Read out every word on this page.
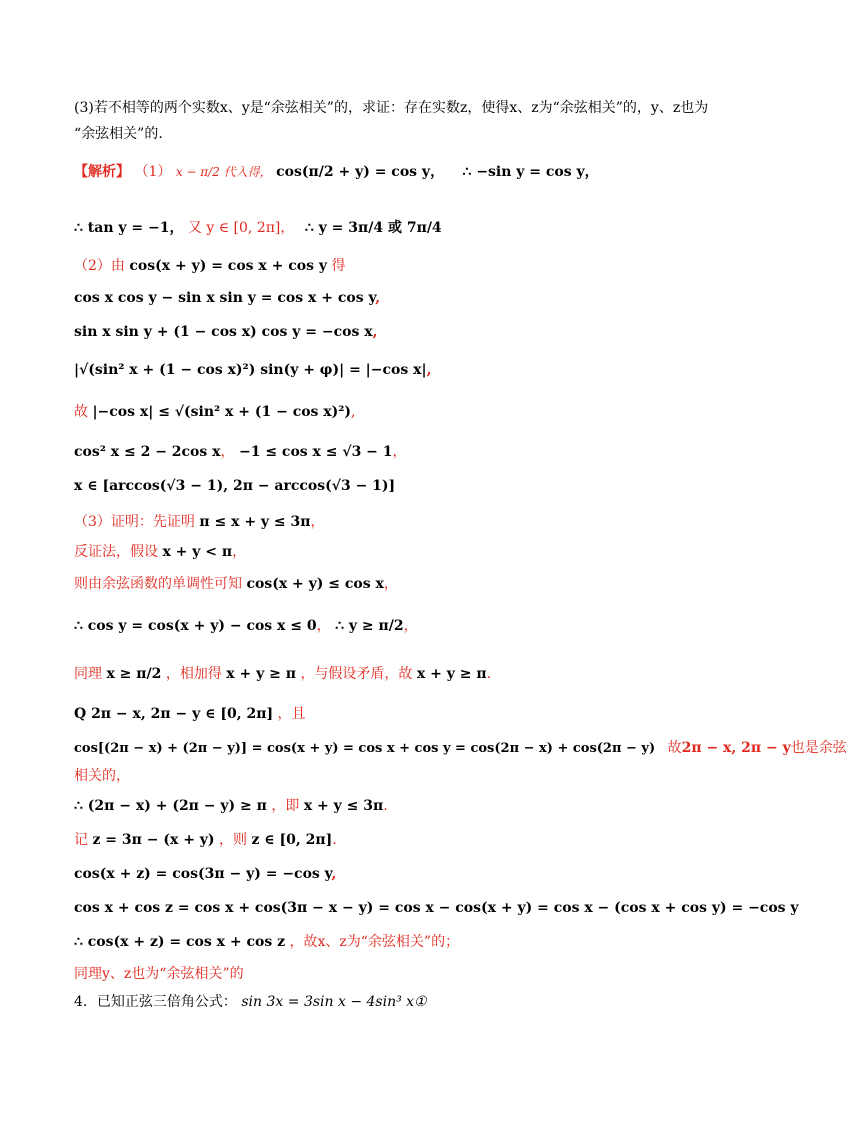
(3)若不相等的两个实数x、y是“余弦相关”的，求证：存在实数z，使得x、z为“余弦相关”的，y、z也为
“余弦相关”的.
【解析】 （1） x − π/2 代入得， cos(π/2 + y) = cos y， ∴ −sin y = cos y，
∴ tan y = −1， 又 y ∈ [0, 2π]， ∴ y = 3π/4 或 7π/4
（2）由 cos(x + y) = cos x + cos y 得
cos x cos y − sin x sin y = cos x + cos y,
sin x sin y + (1 − cos x) cos y = −cos x,
|√(sin² x + (1 − cos x)²) sin(y + φ)| = |−cos x|,
故 |−cos x| ≤ √(sin² x + (1 − cos x)²),
cos² x ≤ 2 − 2cos x， −1 ≤ cos x ≤ √3 − 1，
x ∈ [arccos(√3 − 1), 2π − arccos(√3 − 1)]
（3）证明：先证明 π ≤ x + y ≤ 3π，
反证法，假设 x + y < π，
则由余弦函数的单调性可知 cos(x + y) ≤ cos x，
∴ cos y = cos(x + y) − cos x ≤ 0， ∴ y ≥ π/2，
同理 x ≥ π/2 ，相加得 x + y ≥ π ，与假设矛盾，故 x + y ≥ π.
Q 2π − x, 2π − y ∈ [0, 2π] ，且
cos[(2π − x) + (2π − y)] = cos(x + y) = cos x + cos y = cos(2π − x) + cos(2π − y) 故2π − x, 2π − y也是余弦
相关的，
∴ (2π − x) + (2π − y) ≥ π ，即 x + y ≤ 3π.
记 z = 3π − (x + y) ，则 z ∈ [0, 2π].
cos(x + z) = cos(3π − y) = −cos y,
cos x + cos z = cos x + cos(3π − x − y) = cos x − cos(x + y) = cos x − (cos x + cos y) = −cos y
∴ cos(x + z) = cos x + cos z ，故x、z为“余弦相关”的；
同理y、z也为“余弦相关”的
4．已知正弦三倍角公式： sin 3x = 3sin x − 4sin³ x①
